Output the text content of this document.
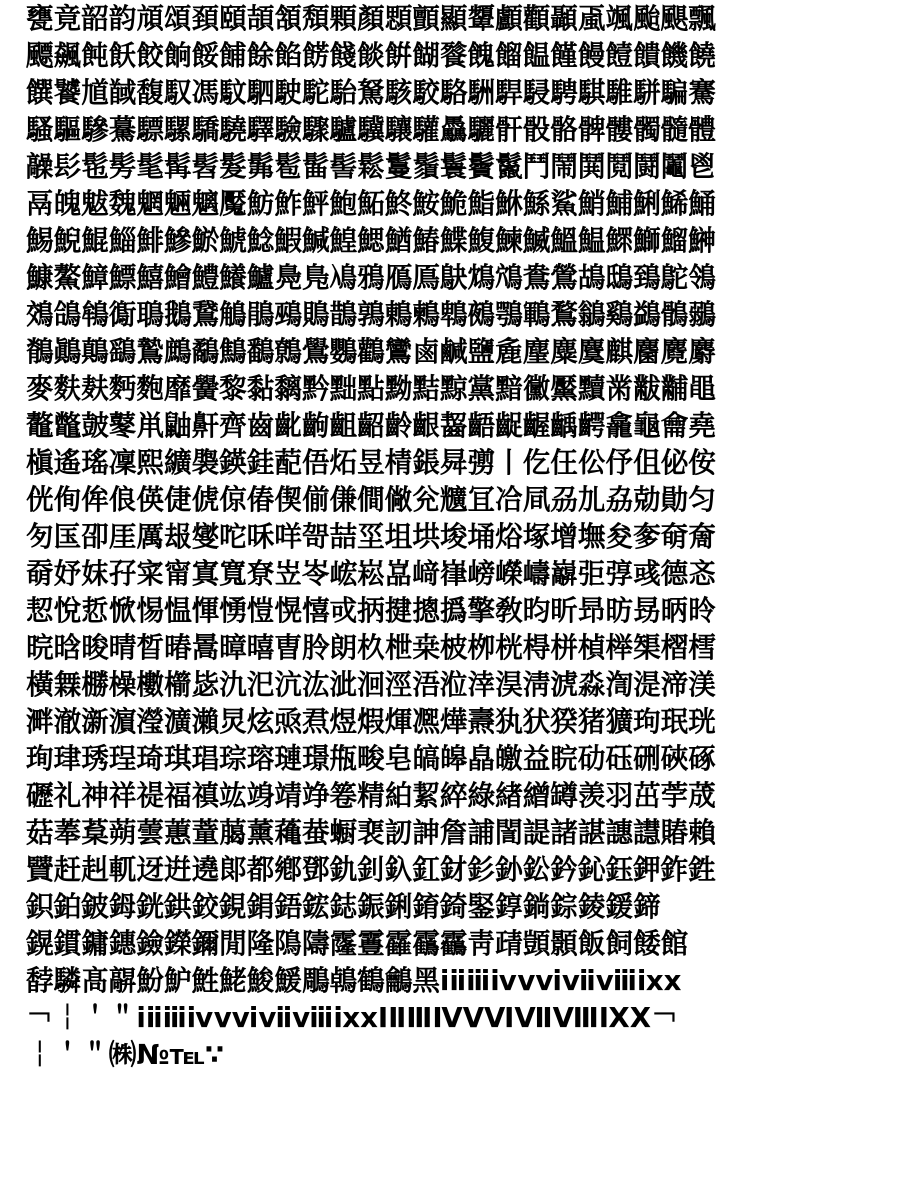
甕竟韶韵頏頌頚頤頡頷頽顆顏顋顫顯顰顱顴顳颪颯颱颶飄
飃飆飩飫餃餉餒餔餘餡餝餞餤餠餬餮餽餾饂饉饅饐饋饑饒
饌饕馗馘馥馭馮馼駟駛駝駘駑駭駮駱駲駻駸騁騏騅駢騙騫
騷驅驂驀驃騾驕驍驛驗驟驢驥驤驩驫驪骭骰骼髀髏髑髓體
髞髟髢髣髦髯髫髮髴髱髷髻鬆鬘鬚鬟鬢鬣鬥鬧鬨鬩鬪鬮鬯
鬲魄魃魏魍魎魑魘魴鮓鮃鮑鮖鮗鮟鮠鮨鮴鯀鯊鮹鯆鯏鯑鯒
鯣鯢鯤鯔鯡鰺鯲鯱鯰鰕鰔鰉鰓鰌鰆鰈鰒鰊鰄鰮鰛鰥鰤鰡鰰
鱇鰲鱆鰾鱚鱠鱧鱶鱸鳧鳬鳰鴉鴈鳫鴃鴆鴪鴦鶯鴣鴟鵄鴕鴒
鵁鴿鴾鵆鵈鵝鵞鵤鵑鵐鵙鵲鶉鶇鶫鵯鵺鶚鶤鶩鶲鷄鷁鶻鶸
鶺鷆鷏鷂鷙鷓鷸鷦鷭鷯鷽鸚鸛鸞鹵鹹鹽麁麈麋麌麒麕麑麝
麥麩麸麪麭靡黌黎黏黐黔黜點黝黠黥黨黯黴黶黷黹黻黼黽
鼇鼈皷鼕鼡鼬鼾齊齒齔齣齟齠齡齦齧齬齪齷齲齶龕龜龠堯
槇遙瑤凜熙纊褜鍈銈蓜俉炻昱棈鋹曻彅丨仡仼伀伃伹佖侒
侊侚侔俍偀倢俿倞偆偰偂傔僴僘兊兤冝冾凬刕劜劦勀勛匀
匇匤卲厓厲叝燮咜咊咩哿喆坙坥垬埈埇焀塚增墲夋奓奛奝
奣妤妺孖寀甯寘寬尞岦岺峵崧嵓﨑嵂嵭嶸嶹巐弡弴彧德忞
恝悅悊惞惕愠惲愑愷愰憘戓抦揵摠撝擎敎昀昕昻昉昮昞昤
晥晗晙晴晳暙暠暲暿曺朎朗杦枻桒柀栁桄棏栟楨榉榘槢樰
橫橆橳橾櫢櫤毖氿汜沆汯泚洄涇浯涖涬淏淸淲淼渹湜渧渼
溿澈澵濵瀅瀇瀨炅炫焏焄煜煆煇凞燁燾犱犾猤猪獷玽珉珖
珣珒琇珵琦琪琩琮瑢璉璟甁畯皂皜皞皛皦益睆劯砡硎硤硺
礰礼神祥禔福禛竑竧靖竫箞精絈絜綷綠緖繒罇羡羽茁荢荿
菇菶葈蒴蕓蕙蕫﨟薰蘒蛬蟵裵訒訷詹誧誾諟諸諶譓譿賰賴
贒赶赳軏迓逬遶郞都鄕鄧釚釗釞釭釮釤釥鈆鈐鈊鈺鉀鈼鉎
鉙鉑鈹鉧銧鉷鉸鋧鋗鋙鋐鋕鋠鋓錥錡鋻錞鋿錝錂鍰鍗
鎤鏆鏞鏸鐱鑅鑈閒隆隝隯霳霻靃靍靏靑靕顗顥飯飼餧館
馞驎髙髜魵魲鮏鮱鮻鰀鵰鵫鶴鸙黑ⅰⅱⅲⅳⅴⅵⅶⅷⅸⅹ
￢￤＇＂ⅰⅱⅲⅳⅴⅵⅶⅷⅸⅹⅠⅡⅢⅣⅤⅥⅦⅧⅨⅩ￢
￤＇＂㈱№℡∵
